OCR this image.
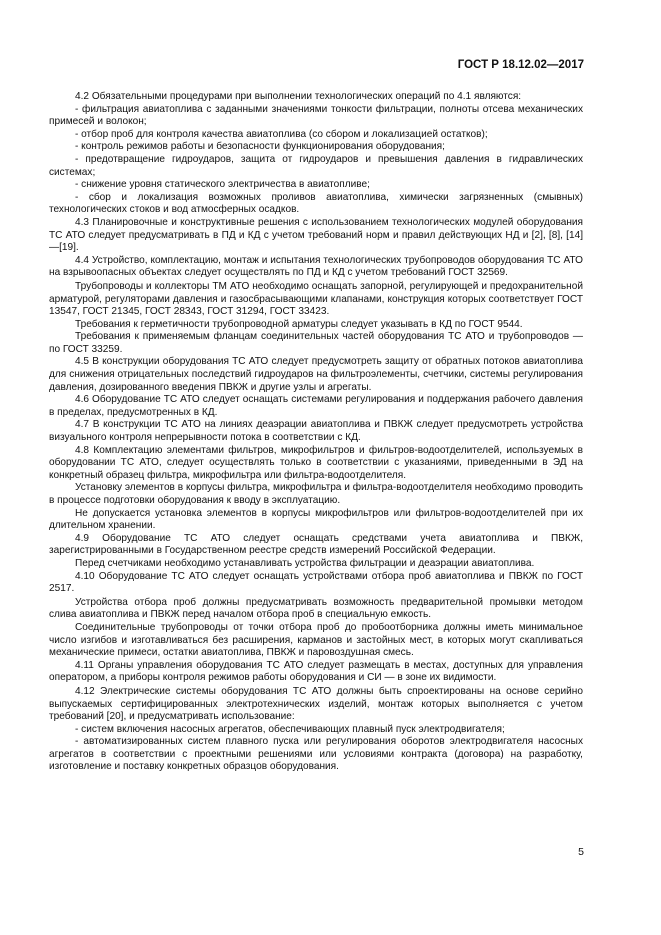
ГОСТ Р 18.12.02—2017

4.2 Обязательными процедурами при выполнении технологических операций по 4.1 являются:

- фильтрация авиатоплива с заданными значениями тонкости фильтрации, полноты отсева механических примесей и волокон;

- отбор проб для контроля качества авиатоплива (со сбором и локализацией остатков);

- контроль режимов работы и безопасности функционирования оборудования;

- предотвращение гидроударов, защита от гидроударов и превышения давления в гидравлических системах;

- снижение уровня статического электричества в авиатопливе;

- сбор и локализация возможных проливов авиатоплива, химически загрязненных (смывных) технологических стоков и вод атмосферных осадков.

4.3 Планировочные и конструктивные решения с использованием технологических модулей оборудования ТС АТО следует предусматривать в ПД и КД с учетом требований норм и правил действующих НД и [2], [8], [14]—[19].

4.4 Устройство, комплектацию, монтаж и испытания технологических трубопроводов оборудования ТС АТО на взрывоопасных объектах следует осуществлять по ПД и КД с учетом требований ГОСТ 32569.

Трубопроводы и коллекторы ТМ АТО необходимо оснащать запорной, регулирующей и предохранительной арматурой, регуляторами давления и газосбрасывающими клапанами, конструкция которых соответствует ГОСТ 13547, ГОСТ 21345, ГОСТ 28343, ГОСТ 31294, ГОСТ 33423.

Требования к герметичности трубопроводной арматуры следует указывать в КД по ГОСТ 9544.

Требования к применяемым фланцам соединительных частей оборудования ТС АТО и трубопроводов — по ГОСТ 33259.

4.5 В конструкции оборудования ТС АТО следует предусмотреть защиту от обратных потоков авиатоплива для снижения отрицательных последствий гидроударов на фильтроэлементы, счетчики, системы регулирования давления, дозированного введения ПВКЖ и другие узлы и агрегаты.

4.6 Оборудование ТС АТО следует оснащать системами регулирования и поддержания рабочего давления в пределах, предусмотренных в КД.

4.7 В конструкции ТС АТО на линиях деаэрации авиатоплива и ПВКЖ следует предусмотреть устройства визуального контроля непрерывности потока в соответствии с КД.

4.8 Комплектацию элементами фильтров, микрофильтров и фильтров-водоотделителей, используемых в оборудовании ТС АТО, следует осуществлять только в соответствии с указаниями, приведенными в ЭД на конкретный образец фильтра, микрофильтра или фильтра-водоотделителя.

Установку элементов в корпусы фильтра, микрофильтра и фильтра-водоотделителя необходимо проводить в процессе подготовки оборудования к вводу в эксплуатацию.

Не допускается установка элементов в корпусы микрофильтров или фильтров-водоотделителей при их длительном хранении.

4.9 Оборудование ТС АТО следует оснащать средствами учета авиатоплива и ПВКЖ, зарегистрированными в Государственном реестре средств измерений Российской Федерации.

Перед счетчиками необходимо устанавливать устройства фильтрации и деаэрации авиатоплива.

4.10 Оборудование ТС АТО следует оснащать устройствами отбора проб авиатоплива и ПВКЖ по ГОСТ 2517.

Устройства отбора проб должны предусматривать возможность предварительной промывки методом слива авиатоплива и ПВКЖ перед началом отбора проб в специальную емкость.

Соединительные трубопроводы от точки отбора проб до пробоотборника должны иметь минимальное число изгибов и изготавливаться без расширения, карманов и застойных мест, в которых могут скапливаться механические примеси, остатки авиатоплива, ПВКЖ и паровоздушная смесь.

4.11 Органы управления оборудования ТС АТО следует размещать в местах, доступных для управления оператором, а приборы контроля режимов работы оборудования и СИ — в зоне их видимости.

4.12 Электрические системы оборудования ТС АТО должны быть спроектированы на основе серийно выпускаемых сертифицированных электротехнических изделий, монтаж которых выполняется с учетом требований [20], и предусматривать использование:

- систем включения насосных агрегатов, обеспечивающих плавный пуск электродвигателя;

- автоматизированных систем плавного пуска или регулирования оборотов электродвигателя насосных агрегатов в соответствии с проектными решениями или условиями контракта (договора) на разработку, изготовление и поставку конкретных образцов оборудования.

5
